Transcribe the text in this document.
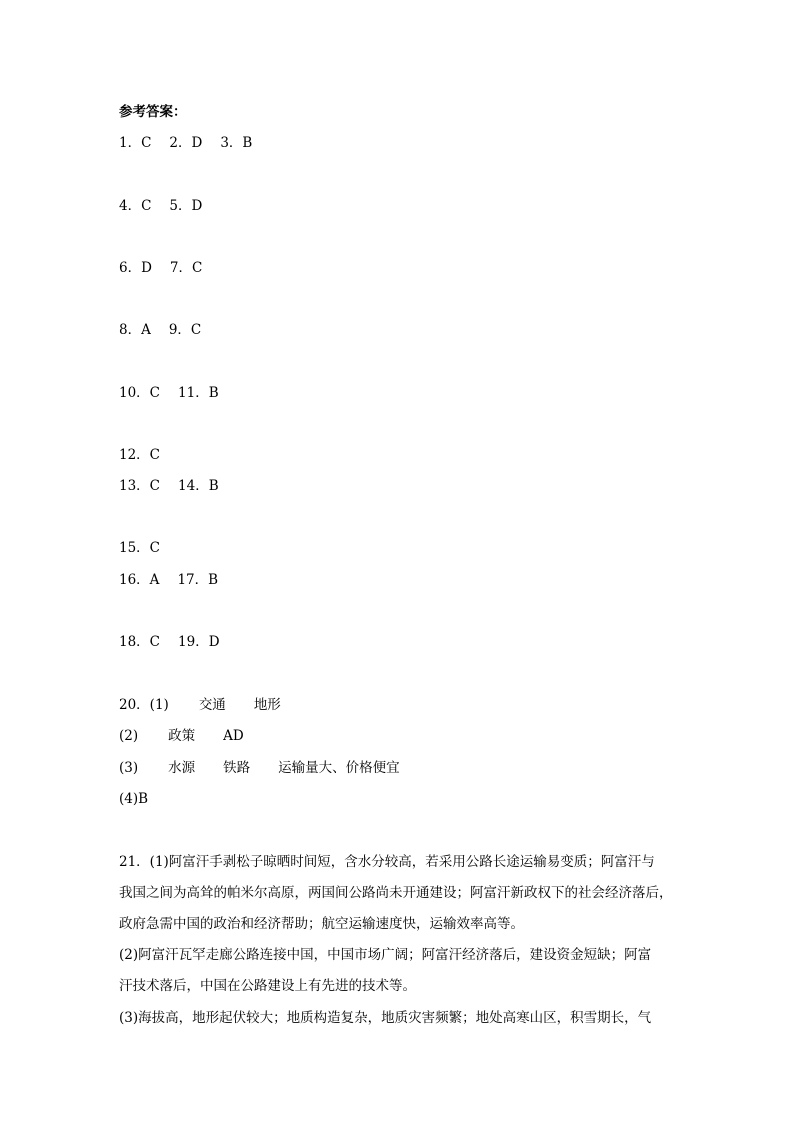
参考答案：
1．C 2．D 3．B
4．C 5．D
6．D 7．C
8．A 9．C
10．C 11．B
12．C
13．C 14．B
15．C
16．A 17．B
18．C 19．D
20．(1) 交通 地形
(2) 政策 AD
(3) 水源 铁路 运输量大、价格便宜
(4)B
21．(1)阿富汗手剥松子晾晒时间短，含水分较高，若采用公路长途运输易变质；阿富汗与
我国之间为高耸的帕米尔高原，两国间公路尚未开通建设；阿富汗新政权下的社会经济落后，
政府急需中国的政治和经济帮助；航空运输速度快，运输效率高等。
(2)阿富汗瓦罕走廊公路连接中国，中国市场广阔；阿富汗经济落后，建设资金短缺；阿富
汗技术落后，中国在公路建设上有先进的技术等。
(3)海拔高，地形起伏较大；地质构造复杂，地质灾害频繁；地处高寒山区，积雪期长，气
